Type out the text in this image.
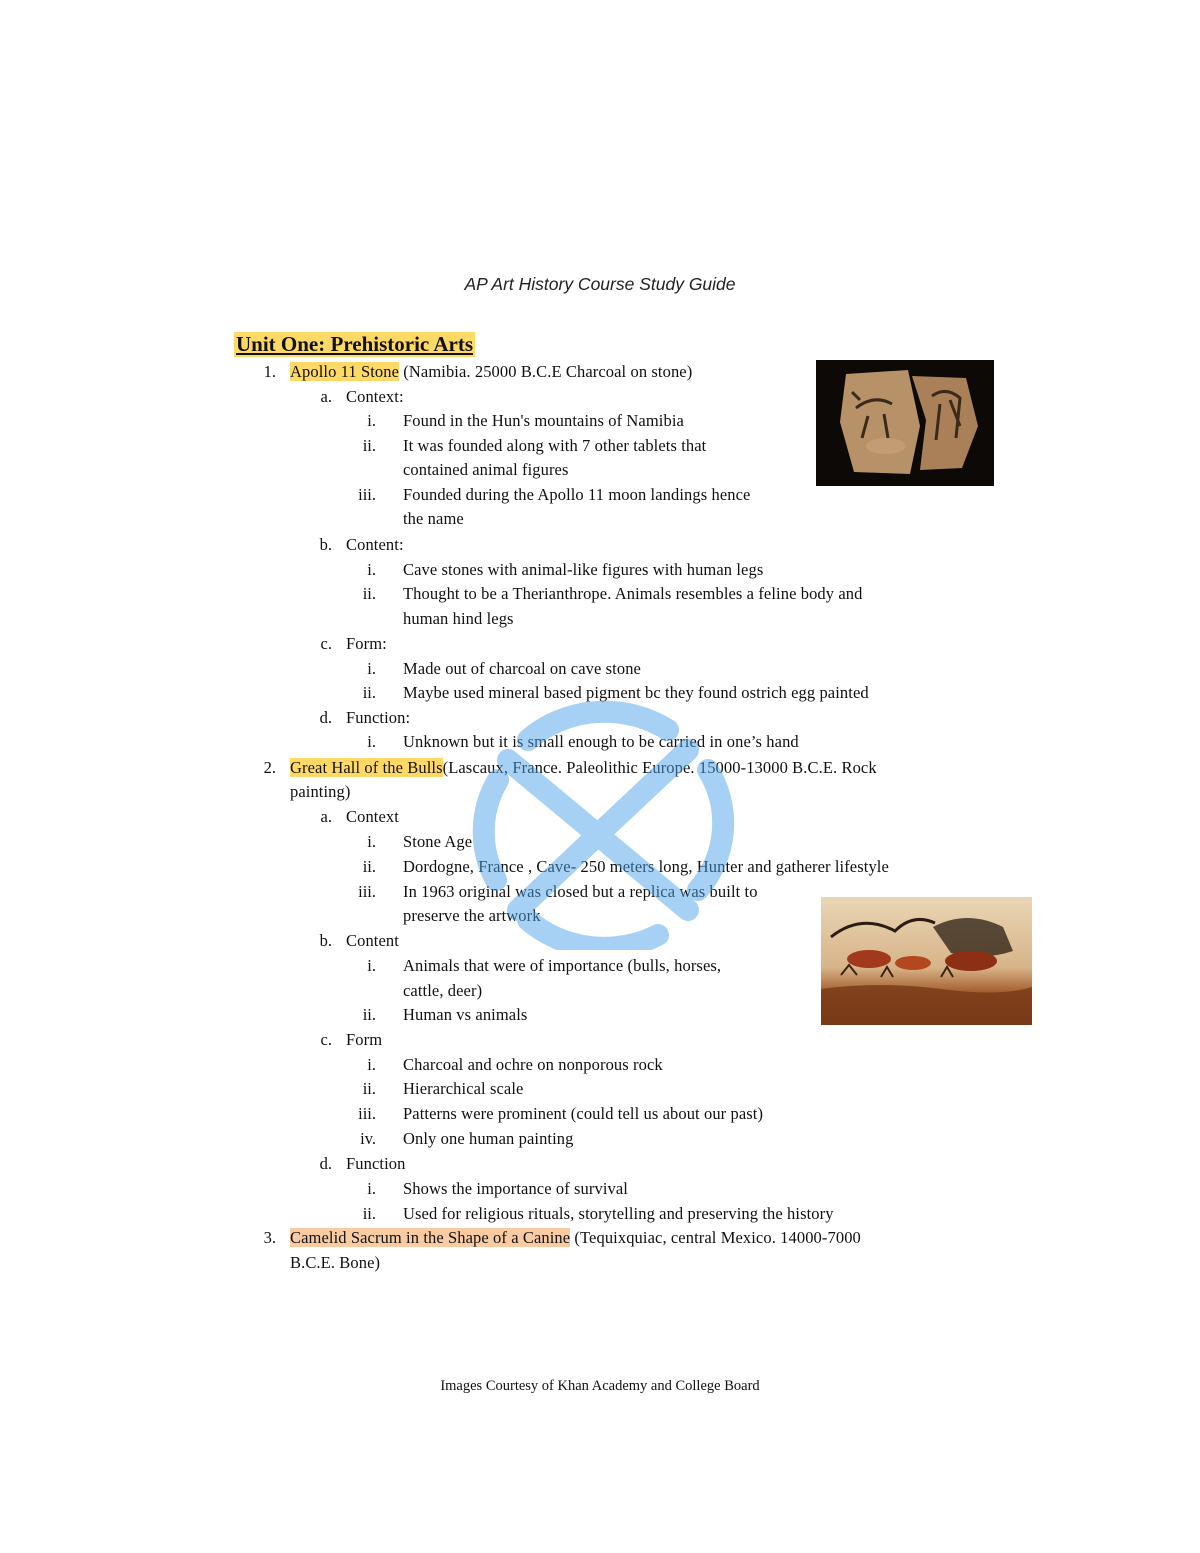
AP Art History Course Study Guide
Unit One: Prehistoric Arts
1. Apollo 11 Stone (Namibia. 25000 B.C.E Charcoal on stone)
a. Context:
i. Found in the Hun's mountains of Namibia
ii. It was founded along with 7 other tablets that
contained animal figures
iii. Founded during the Apollo 11 moon landings hence
the name
b. Content:
i. Cave stones with animal-like figures with human legs
ii. Thought to be a Therianthrope. Animals resembles a feline body and
human hind legs
c. Form:
i. Made out of charcoal on cave stone
ii. Maybe used mineral based pigment bc they found ostrich egg painted
d. Function:
i. Unknown but it is small enough to be carried in one’s hand
2. Great Hall of the Bulls(Lascaux, France. Paleolithic Europe. 15000-13000 B.C.E. Rock
painting)
a. Context
i. Stone Age
ii. Dordogne, France , Cave- 250 meters long, Hunter and gatherer lifestyle
iii. In 1963 original was closed but a replica was built to
preserve the artwork
b. Content
i. Animals that were of importance (bulls, horses,
cattle, deer)
ii. Human vs animals
c. Form
i. Charcoal and ochre on nonporous rock
ii. Hierarchical scale
iii. Patterns were prominent (could tell us about our past)
iv. Only one human painting
d. Function
i. Shows the importance of survival
ii. Used for religious rituals, storytelling and preserving the history
3. Camelid Sacrum in the Shape of a Canine (Tequixquiac, central Mexico. 14000-7000
B.C.E. Bone)
Images Courtesy of Khan Academy and College Board
